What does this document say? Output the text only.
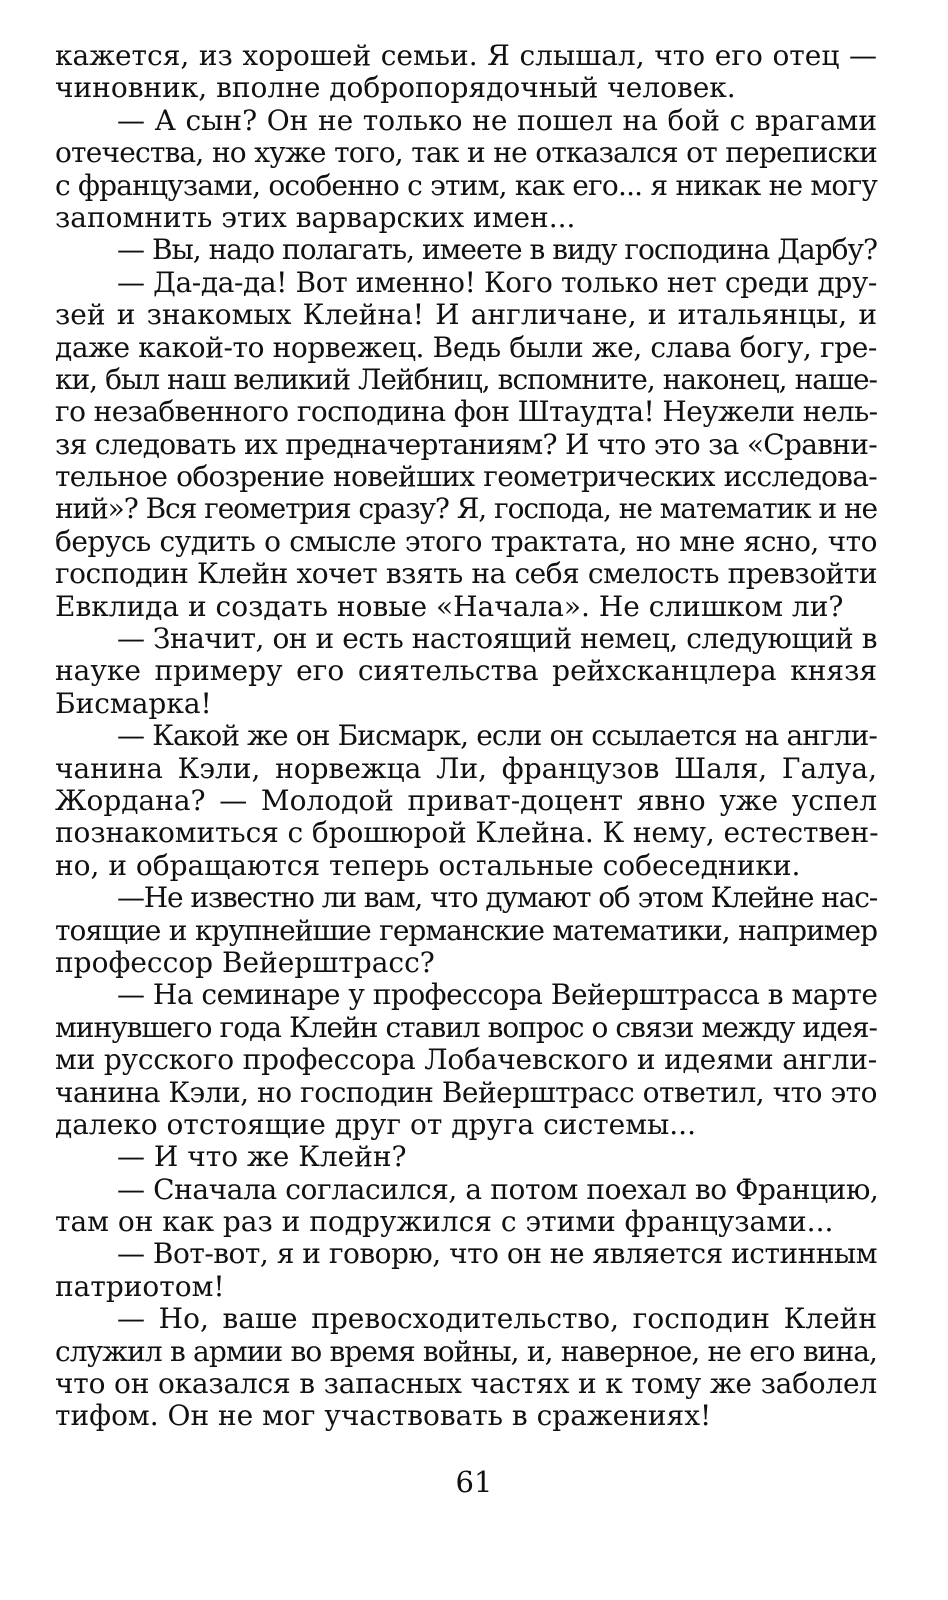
кажется, из хорошей семьи. Я слышал, что его отец —
чиновник, вполне добропорядочный человек.

— А сын? Он не только не пошел на бой с врагами
отечества, но хуже того, так и не отказался от переписки
с французами, особенно с этим, как его... я никак не могу
запомнить этих варварских имен...

— Вы, надо полагать, имеете в виду господина Дарбу?

— Да-да-да! Вот именно! Кого только нет среди дру-
зей и знакомых Клейна! И англичане, и итальянцы, и
даже какой-то норвежец. Ведь были же, слава богу, гре-
ки, был наш великий Лейбниц, вспомните, наконец, наше-
го незабвенного господина фон Штаудта! Неужели нель-
зя следовать их предначертаниям? И что это за «Сравни-
тельное обозрение новейших геометрических исследова-
ний»? Вся геометрия сразу? Я, господа, не математик и не
берусь судить о смысле этого трактата, но мне ясно, что
господин Клейн хочет взять на себя смелость превзойти
Евклида и создать новые «Начала». Не слишком ли?

— Значит, он и есть настоящий немец, следующий в
науке примеру его сиятельства рейхсканцлера князя
Бисмарка!

— Какой же он Бисмарк, если он ссылается на англи-
чанина Кэли, норвежца Ли, французов Шаля, Галуа,
Жордана? — Молодой приват-доцент явно уже успел
познакомиться с брошюрой Клейна. К нему, естествен-
но, и обращаются теперь остальные собеседники.

—Не известно ли вам, что думают об этом Клейне нас-
тоящие и крупнейшие германские математики, например
профессор Вейерштрасс?

— На семинаре у профессора Вейерштрасса в марте
минувшего года Клейн ставил вопрос о связи между идея-
ми русского профессора Лобачевского и идеями англи-
чанина Кэли, но господин Вейерштрасс ответил, что это
далеко отстоящие друг от друга системы...

— И что же Клейн?

— Сначала согласился, а потом поехал во Францию,
там он как раз и подружился с этими французами...

— Вот-вот, я и говорю, что он не является истинным
патриотом!

— Но, ваше превосходительство, господин Клейн
служил в армии во время войны, и, наверное, не его вина,
что он оказался в запасных частях и к тому же заболел
тифом. Он не мог участвовать в сражениях!

61
